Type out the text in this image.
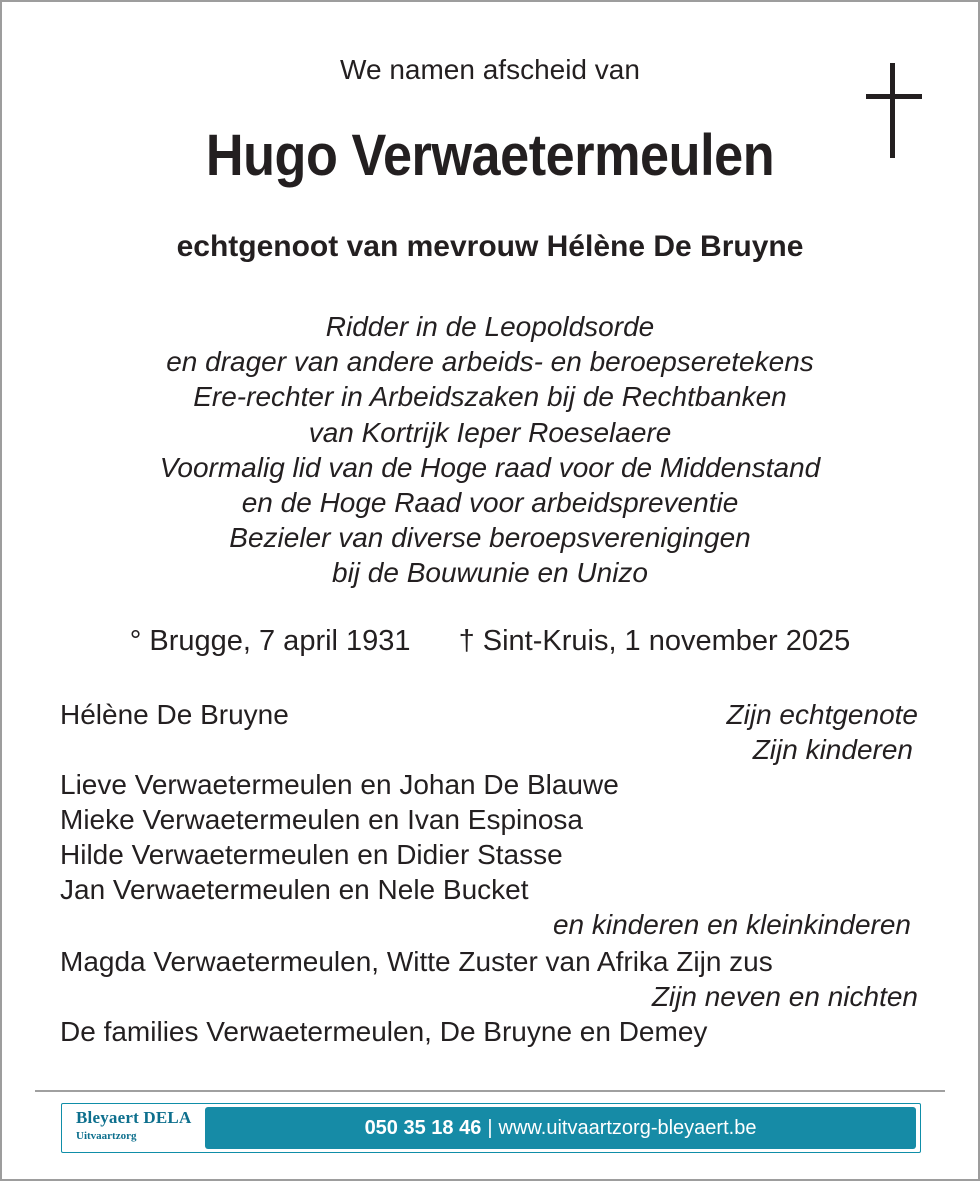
We namen afscheid van
Hugo Verwaetermeulen
echtgenoot van mevrouw Hélène De Bruyne
Ridder in de Leopoldsorde
en drager van andere arbeids- en beroepseretekens
Ere-rechter in Arbeidszaken bij de Rechtbanken
van Kortrijk Ieper Roeselaere
Voormalig lid van de Hoge raad voor de Middenstand
en de Hoge Raad voor arbeidspreventie
Bezieler van diverse beroepsverenigingen
bij de Bouwunie en Unizo
° Brugge, 7 april 1931 † Sint-Kruis, 1 november 2025
Hélène De Bruyne	Zijn echtgenote
Zijn kinderen
Lieve Verwaetermeulen en Johan De Blauwe
Mieke Verwaetermeulen en Ivan Espinosa
Hilde Verwaetermeulen en Didier Stasse
Jan Verwaetermeulen en Nele Bucket
en kinderen en kleinkinderen
Magda Verwaetermeulen, Witte Zuster van Afrika Zijn zus
Zijn neven en nichten
De families Verwaetermeulen, De Bruyne en Demey
Bleyaert DELA
Uitvaartzorg	050 35 18 46 | www.uitvaartzorg-bleyaert.be
